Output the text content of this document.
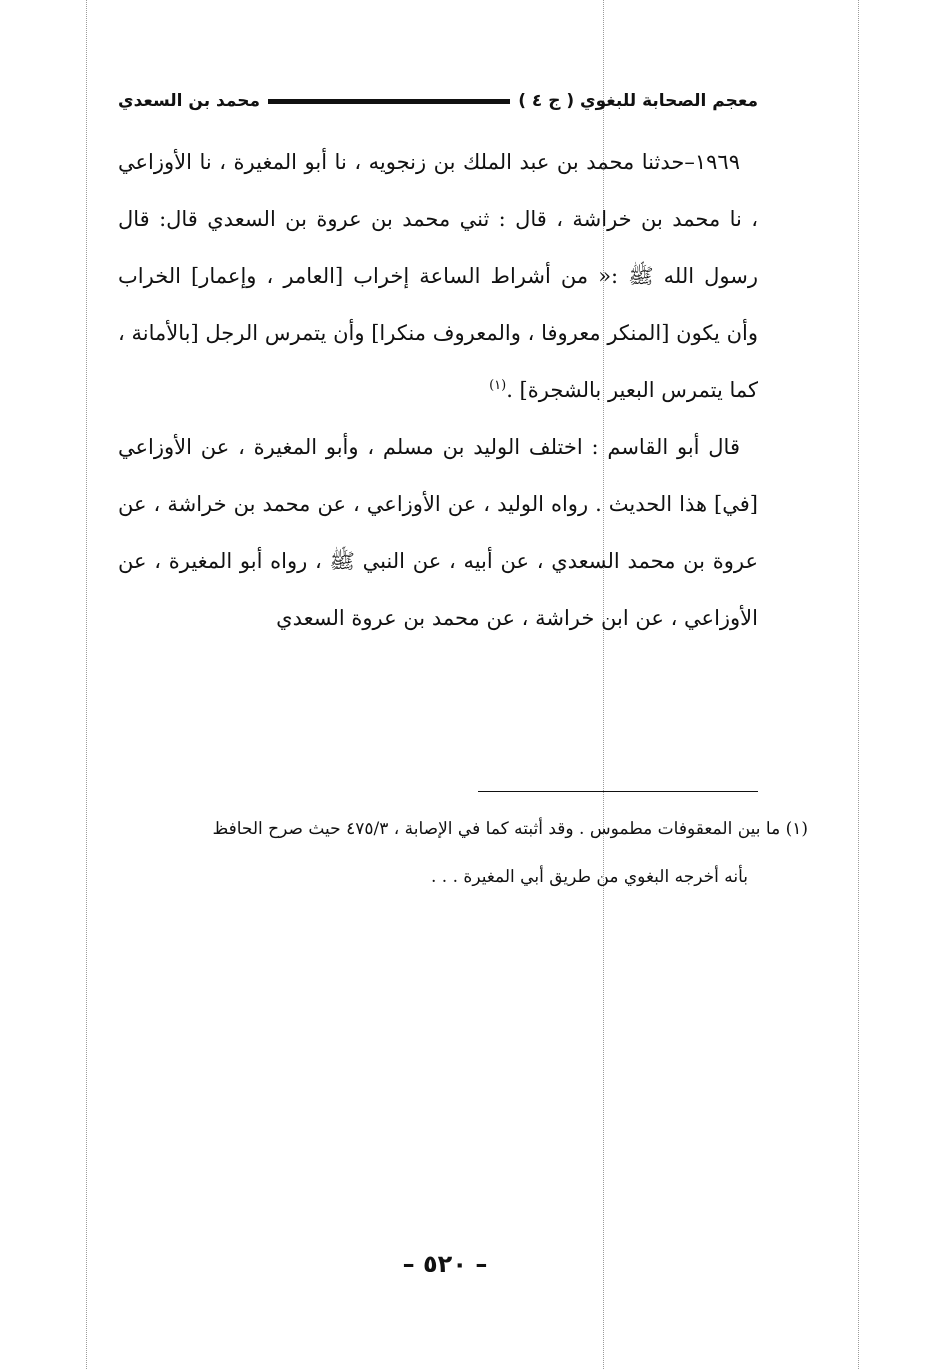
معجم الصحابة للبغوي ( ج ٤ )
محمد بن السعدي

١٩٦٩–حدثنا محمد بن عبد الملك بن زنجويه ، نا أبو المغيرة ، نا الأوزاعي ، نا محمد بن خراشة ، قال : ثني محمد بن عروة بن السعدي قال: قال رسول الله ﷺ :« من أشراط الساعة إخراب [العامر ، وإعمار] الخراب وأن يكون [المنكر معروفا ، والمعروف منكرا] وأن يتمرس الرجل [بالأمانة ، كما يتمرس البعير بالشجرة] .$^{(١)}$

قال أبو القاسم : اختلف الوليد بن مسلم ، وأبو المغيرة ، عن الأوزاعي [في] هذا الحديث . رواه الوليد ، عن الأوزاعي ، عن محمد بن خراشة ، عن عروة بن محمد السعدي ، عن أبيه ، عن النبي ﷺ ، رواه أبو المغيرة ، عن الأوزاعي ، عن ابن خراشة ، عن محمد بن عروة السعدي

(١) ما بين المعقوفات مطموس . وقد أثبته كما في الإصابة ، ٤٧٥/٣ حيث صرح الحافظ

بأنه أخرجه البغوي من طريق أبي المغيرة . . .

– ٥٢٠ –
